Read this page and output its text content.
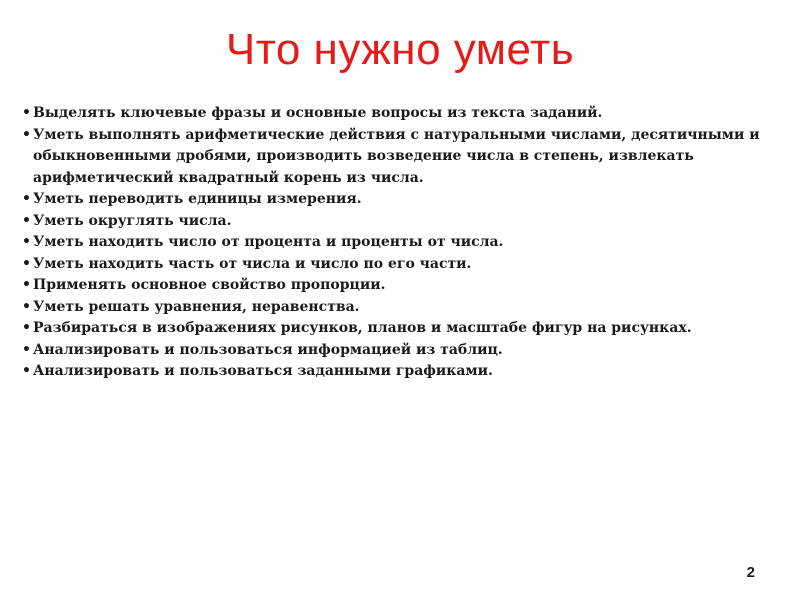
Что нужно уметь
• Выделять ключевые фразы и основные вопросы из текста заданий.
• Уметь выполнять арифметические действия с натуральными числами, десятичными и обыкновенными дробями, производить возведение числа в степень, извлекать арифметический квадратный корень из числа.
• Уметь переводить единицы измерения.
• Уметь округлять числа.
• Уметь находить число от процента и проценты от числа.
• Уметь находить часть от числа и число по его части.
• Применять основное свойство пропорции.
• Уметь решать уравнения, неравенства.
• Разбираться в изображениях рисунков, планов и масштабе фигур на рисунках.
• Анализировать и пользоваться информацией из таблиц.
• Анализировать и пользоваться заданными графиками.
2
